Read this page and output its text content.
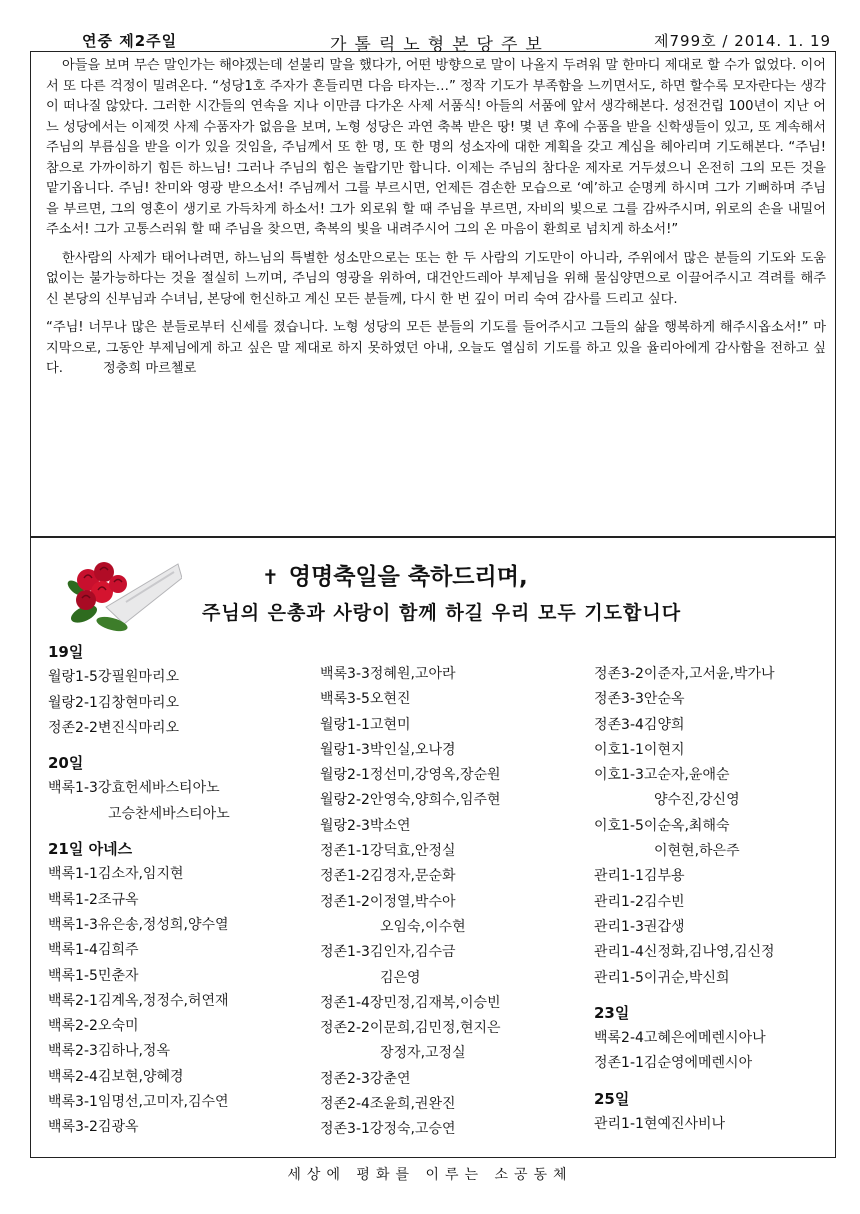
연중 제2주일	가톨릭노형본당주보	제799호 / 2014. 1. 19

아들을 보며 무슨 말인가는 해야겠는데 섣불리 말을 했다가, 어떤 방향으로 말이 나올지 두려워 말 한마디 제대로 할 수가 없었다. 이어서 또 다른 걱정이 밀려온다. “성당1호 주자가 흔들리면 다음 타자는…” 정작 기도가 부족함을 느끼면서도, 하면 할수록 모자란다는 생각이 떠나질 않았다. 그러한 시간들의 연속을 지나 이만큼 다가온 사제 서품식! 아들의 서품에 앞서 생각해본다. 성전건립 100년이 지난 어느 성당에서는 이제껏 사제 수품자가 없음을 보며, 노형 성당은 과연 축복 받은 땅! 몇 년 후에 수품을 받을 신학생들이 있고, 또 계속해서 주님의 부름심을 받을 이가 있을 것임을, 주님께서 또 한 명, 또 한 명의 성소자에 대한 계획을 갖고 계심을 헤아리며 기도해본다. “주님! 참으로 가까이하기 힘든 하느님! 그러나 주님의 힘은 놀랍기만 합니다. 이제는 주님의 참다운 제자로 거두셨으니 온전히 그의 모든 것을 맡기옵니다. 주님! 찬미와 영광 받으소서! 주님께서 그를 부르시면, 언제든 겸손한 모습으로 ‘예’하고 순명케 하시며 그가 기뻐하며 주님을 부르면, 그의 영혼이 생기로 가득차게 하소서! 그가 외로워 할 때 주님을 부르면, 자비의 빛으로 그를 감싸주시며, 위로의 손을 내밀어 주소서! 그가 고통스러워 할 때 주님을 찾으면, 축복의 빛을 내려주시어 그의 온 마음이 환희로 넘치게 하소서!”

한사람의 사제가 태어나려면, 하느님의 특별한 성소만으로는 또는 한 두 사람의 기도만이 아니라, 주위에서 많은 분들의 기도와 도움 없이는 불가능하다는 것을 절실히 느끼며, 주님의 영광을 위하여, 대건안드레아 부제님을 위해 물심양면으로 이끌어주시고 격려를 해주신 본당의 신부님과 수녀님, 본당에 헌신하고 계신 모든 분들께, 다시 한 번 깊이 머리 숙여 감사를 드리고 싶다.

“주님! 너무나 많은 분들로부터 신세를 졌습니다. 노형 성당의 모든 분들의 기도를 들어주시고 그들의 삶을 행복하게 해주시옵소서!” 마지막으로, 그동안 부제님에게 하고 싶은 말 제대로 하지 못하였던 아내, 오늘도 열심히 기도를 하고 있을 율리아에게 감사함을 전하고 싶다.	정충희 마르첼로

✝ 영명축일을 축하드리며,
주님의 은총과 사랑이 함께 하길 우리 모두 기도합니다
19일
월랑1-5강필원마리오
월랑2-1김창현마리오
정존2-2변진식마리오
20일
백록1-3강효헌세바스티아노
고승찬세바스티아노
21일 아네스
백록1-1김소자,임지현
백록1-2조규옥
백록1-3유은송,정성희,양수열
백록1-4김희주
백록1-5민춘자
백록2-1김계옥,정정수,허연재
백록2-2오숙미
백록2-3김하나,정옥
백록2-4김보현,양혜경
백록3-1임명선,고미자,김수연
백록3-2김광옥
백록3-3정혜원,고아라
백록3-5오현진
월랑1-1고현미
월랑1-3박인실,오나경
월랑2-1정선미,강영옥,장순원
월랑2-2안영숙,양희수,임주현
월랑2-3박소연
정존1-1강덕효,안정실
정존1-2김경자,문순화
정존1-2이정열,박수아
오임숙,이수현
정존1-3김인자,김수금
김은영
정존1-4장민정,김재복,이승빈
정존2-2이문희,김민정,현지은
장정자,고정실
정존2-3강춘연
정존2-4조윤희,권완진
정존3-1강정숙,고승연
정존3-2이준자,고서윤,박가나
정존3-3안순옥
정존3-4김양희
이호1-1이현지
이호1-3고순자,윤애순
양수진,강신영
이호1-5이순옥,최해숙
이현현,하은주
관리1-1김부용
관리1-2김수빈
관리1-3권갑생
관리1-4신정화,김나영,김신정
관리1-5이귀순,박신희
23일
백록2-4고혜은에메렌시아나
정존1-1김순영에메렌시아
25일
관리1-1현예진사비나
세상에 평화를 이루는 소공동체
